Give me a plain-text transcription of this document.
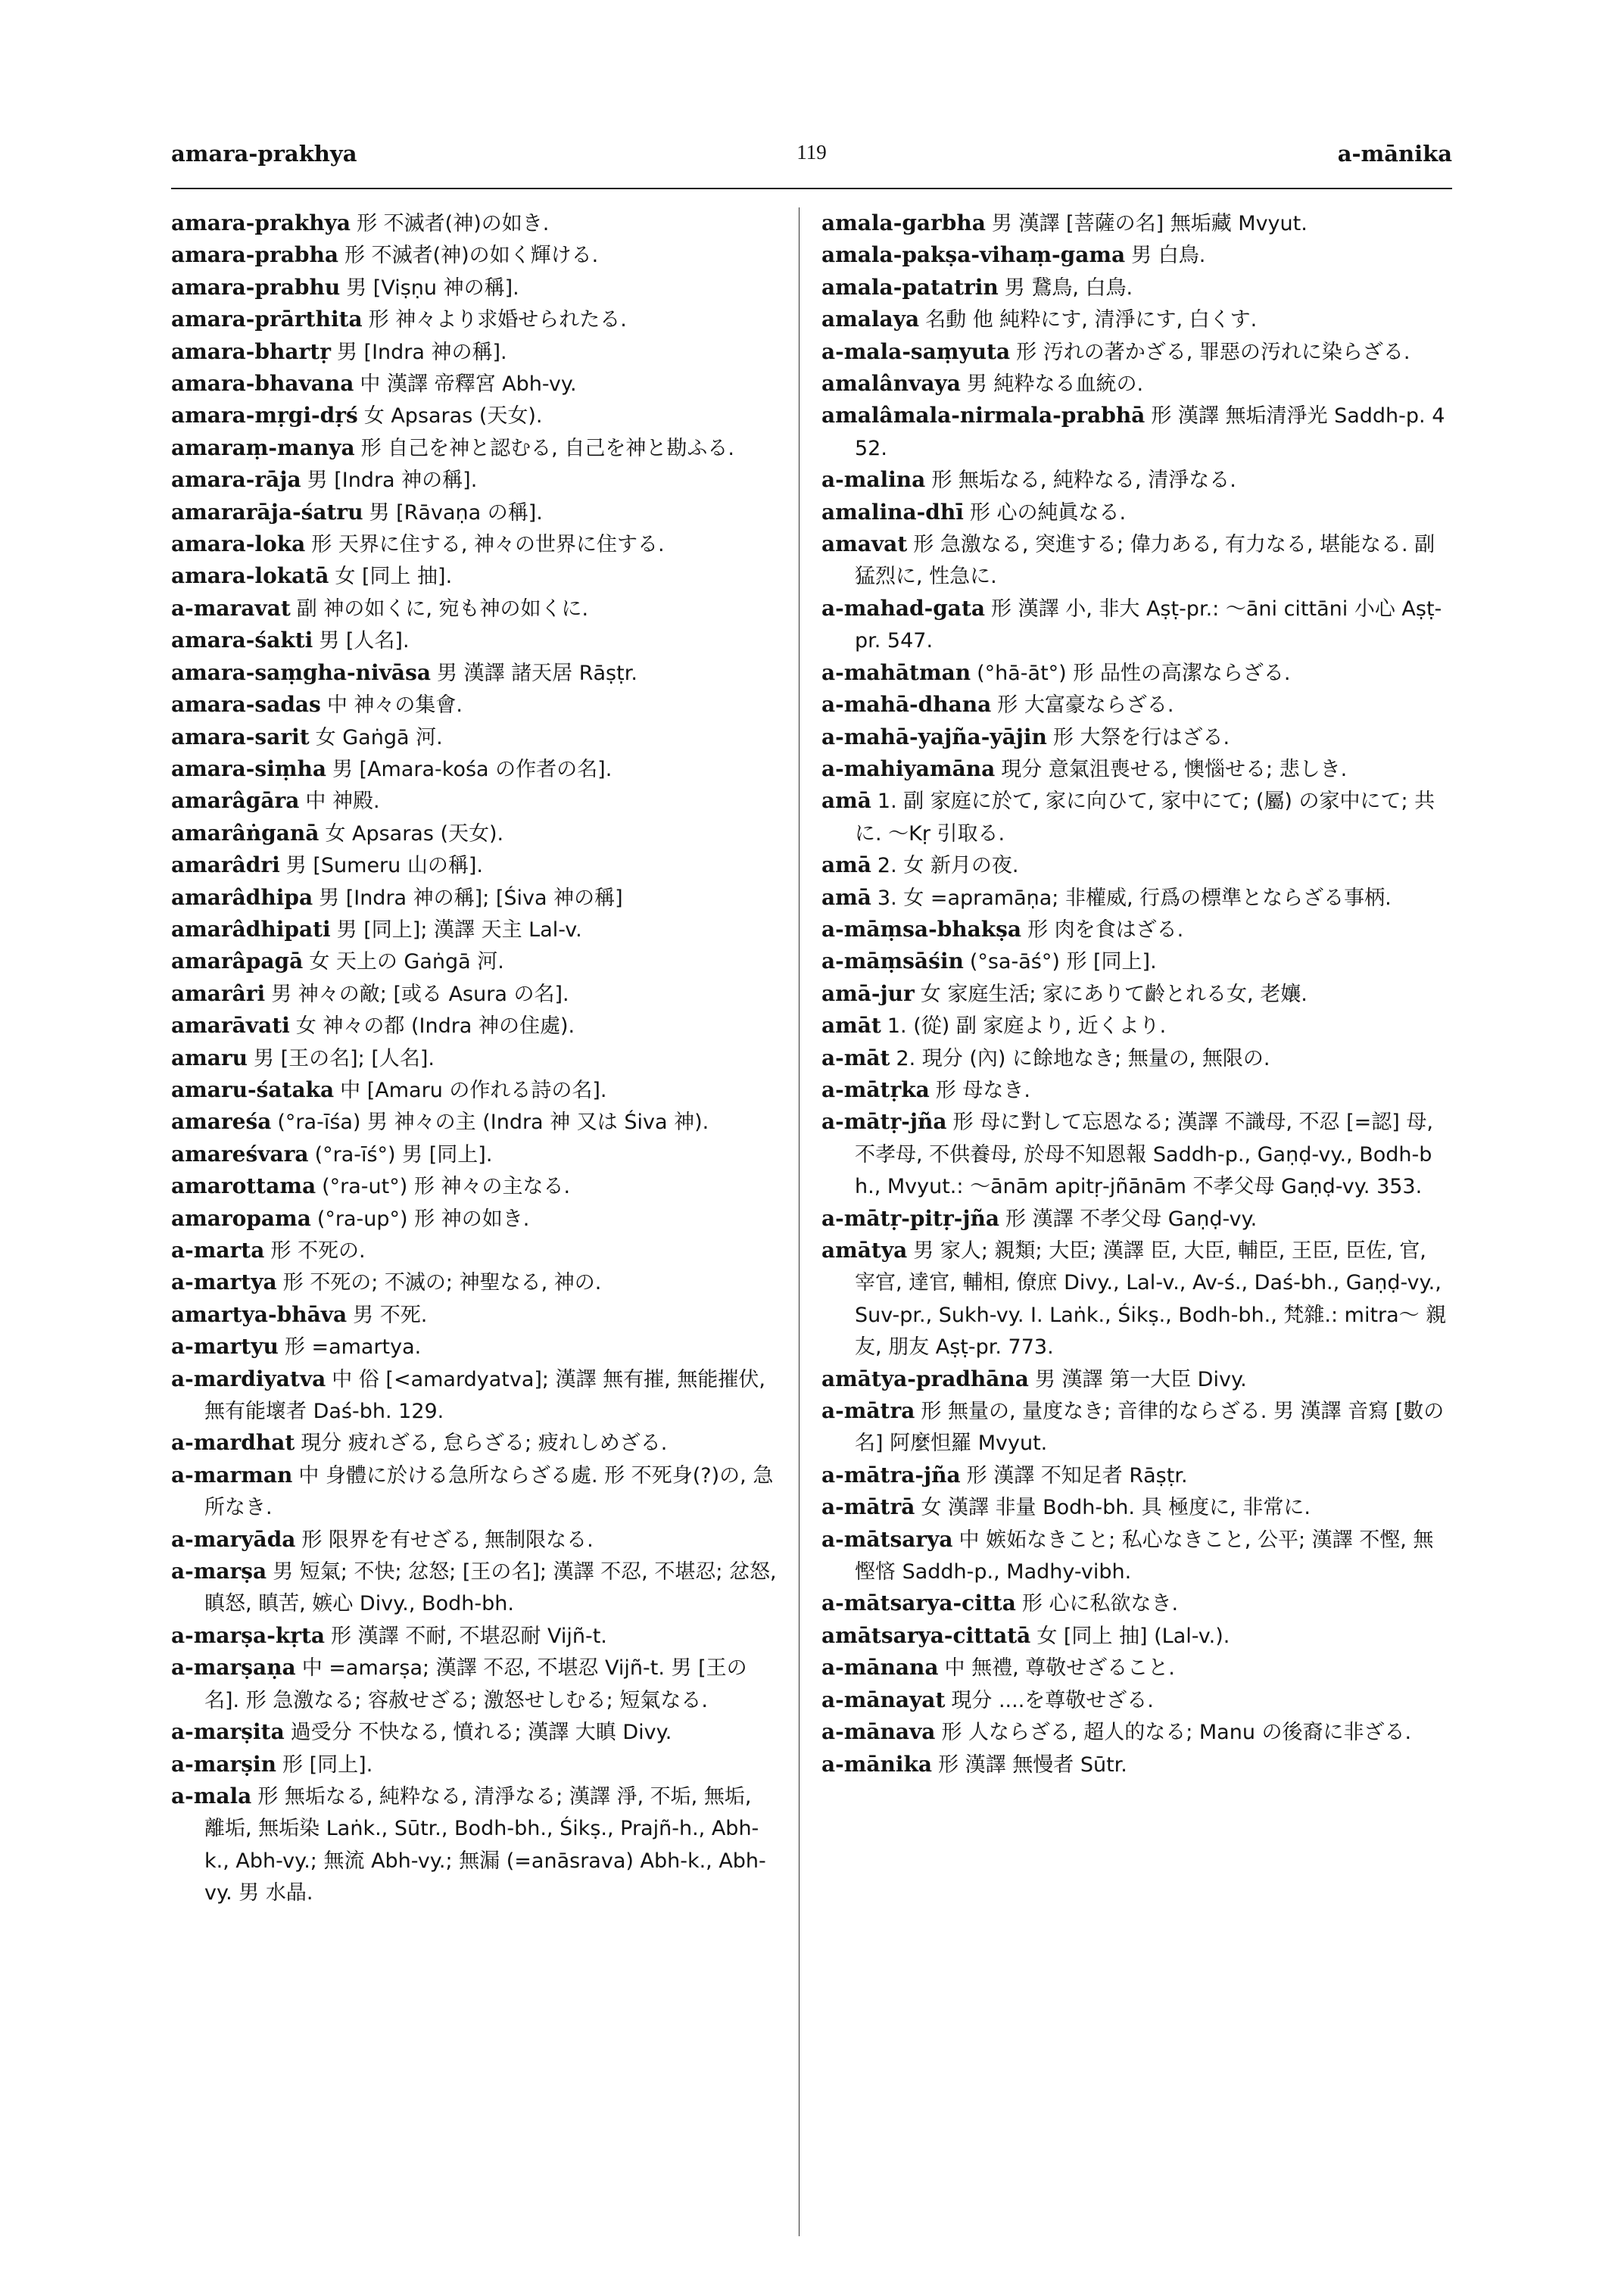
amara-prakhya	119	a-mānika

amara-prakhya 形 不滅者(神)の如き.

amara-prabha 形 不滅者(神)の如く輝ける.

amara-prabhu 男 [Viṣṇu 神の稱].

amara-prārthita 形 神々より求婚せられたる.

amara-bhartṛ 男 [Indra 神の稱].

amara-bhavana 中 漢譯 帝釋宮 Abh-vy.

amara-mṛgi-dṛś 女 Apsaras (天女).

amaraṃ-manya 形 自己を神と認むる, 自己を神と勘ふる.

amara-rāja 男 [Indra 神の稱].

amararāja-śatru 男 [Rāvaṇa の稱].

amara-loka 形 天界に住する, 神々の世界に住する.

amara-lokatā 女 [同上 抽].

a-maravat 副 神の如くに, 宛も神の如くに.

amara-śakti 男 [人名].

amara-saṃgha-nivāsa 男 漢譯 諸天居 Rāṣṭr.

amara-sadas 中 神々の集會.

amara-sarit 女 Gaṅgā 河.

amara-siṃha 男 [Amara-kośa の作者の名].

amarâgāra 中 神殿.

amarâṅganā 女 Apsaras (天女).

amarâdri 男 [Sumeru 山の稱].

amarâdhipa 男 [Indra 神の稱]; [Śiva 神の稱]

amarâdhipati 男 [同上]; 漢譯 天主 Lal-v.

amarâpagā 女 天上の Gaṅgā 河.

amarâri 男 神々の敵; [或る Asura の名].

amarāvati 女 神々の都 (Indra 神の住處).

amaru 男 [王の名]; [人名].

amaru-śataka 中 [Amaru の作れる詩の名].

amareśa (°ra-īśa) 男 神々の主 (Indra 神 又は Śiva 神).

amareśvara (°ra-īś°) 男 [同上].

amarottama (°ra-ut°) 形 神々の主なる.

amaropama (°ra-up°) 形 神の如き.

a-marta 形 不死の.

a-martya 形 不死の; 不滅の; 神聖なる, 神の.

amartya-bhāva 男 不死.

a-martyu 形 =amartya.

a-mardiyatva 中 俗 [<amardyatva]; 漢譯 無有摧, 無能摧伏, 無有能壞者 Daś-bh. 129.

a-mardhat 現分 疲れざる, 怠らざる; 疲れしめざる.

a-marman 中 身體に於ける急所ならざる處. 形 不死身(?)の, 急所なき.

a-maryāda 形 限界を有せざる, 無制限なる.

a-marṣa 男 短氣; 不快; 忿怒; [王の名]; 漢譯 不忍, 不堪忍; 忿怒, 瞋怒, 瞋苦, 嫉心 Divy., Bodh-bh.

a-marṣa-kṛta 形 漢譯 不耐, 不堪忍耐 Vijñ-t.

a-marṣaṇa 中 =amarṣa; 漢譯 不忍, 不堪忍 Vijñ-t. 男 [王の名]. 形 急激なる; 容赦せざる; 激怒せしむる; 短氣なる.

a-marṣita 過受分 不快なる, 憤れる; 漢譯 大瞋 Divy.

a-marṣin 形 [同上].

a-mala 形 無垢なる, 純粋なる, 清淨なる; 漢譯 淨, 不垢, 無垢, 離垢, 無垢染 Laṅk., Sūtr., Bodh-bh., Śikṣ., Prajñ-h., Abh-k., Abh-vy.; 無流 Abh-vy.; 無漏 (=anāsrava) Abh-k., Abh-vy. 男 水晶.

amala-garbha 男 漢譯 [菩薩の名] 無垢藏 Mvyut.

amala-pakṣa-vihaṃ-gama 男 白鳥.

amala-patatrin 男 鵞鳥, 白鳥.

amalaya 名動 他 純粋にす, 清淨にす, 白くす.

a-mala-saṃyuta 形 汚れの著かざる, 罪惡の汚れに染らざる.

amalânvaya 男 純粋なる血統の.

amalâmala-nirmala-prabhā 形 漢譯 無垢清淨光 Saddh-p. 452.

a-malina 形 無垢なる, 純粋なる, 清淨なる.

amalina-dhī 形 心の純眞なる.

amavat 形 急激なる, 突進する; 偉力ある, 有力なる, 堪能なる. 副 猛烈に, 性急に.

a-mahad-gata 形 漢譯 小, 非大 Aṣṭ-pr.: 〜āni cittāni 小心 Aṣṭ-pr. 547.

a-mahātman (°hā-āt°) 形 品性の高潔ならざる.

a-mahā-dhana 形 大富豪ならざる.

a-mahā-yajña-yājin 形 大祭を行はざる.

a-mahiyamāna 現分 意氣沮喪せる, 懊惱せる; 悲しき.

amā 1. 副 家庭に於て, 家に向ひて, 家中にて; (屬) の家中にて; 共に. 〜Kṛ 引取る.

amā 2. 女 新月の夜.

amā 3. 女 =apramāṇa; 非權威, 行爲の標準とならざる事柄.

a-māṃsa-bhakṣa 形 肉を食はざる.

a-māṃsāśin (°sa-āś°) 形 [同上].

amā-jur 女 家庭生活; 家にありて齡とれる女, 老孃.

amāt 1. (從) 副 家庭より, 近くより.

a-māt 2. 現分 (內) に餘地なき; 無量の, 無限の.

a-mātṛka 形 母なき.

a-mātṛ-jña 形 母に對して忘恩なる; 漢譯 不識母, 不忍 [=認] 母, 不孝母, 不供養母, 於母不知恩報 Saddh-p., Gaṇḍ-vy., Bodh-bh., Mvyut.: 〜ānām apitṛ-jñānām 不孝父母 Gaṇḍ-vy. 353.

a-mātṛ-pitṛ-jña 形 漢譯 不孝父母 Gaṇḍ-vy.

amātya 男 家人; 親類; 大臣; 漢譯 臣, 大臣, 輔臣, 王臣, 臣佐, 官, 宰官, 達官, 輔相, 僚庶 Divy., Lal-v., Av-ś., Daś-bh., Gaṇḍ-vy., Suv-pr., Sukh-vy. I. Laṅk., Śikṣ., Bodh-bh., 梵雜.: mitra〜 親友, 朋友 Aṣṭ-pr. 773.

amātya-pradhāna 男 漢譯 第一大臣 Divy.

a-mātra 形 無量の, 量度なき; 音律的ならざる. 男 漢譯 音寫 [數の名] 阿麼怛羅 Mvyut.

a-mātra-jña 形 漢譯 不知足者 Rāṣṭr.

a-mātrā 女 漢譯 非量 Bodh-bh. 具 極度に, 非常に.

a-mātsarya 中 嫉妬なきこと; 私心なきこと, 公平; 漢譯 不慳, 無慳悋 Saddh-p., Madhy-vibh.

a-mātsarya-citta 形 心に私欲なき.

amātsarya-cittatā 女 [同上 抽] (Lal-v.).

a-mānana 中 無禮, 尊敬せざること.

a-mānayat 現分 ....を尊敬せざる.

a-mānava 形 人ならざる, 超人的なる; Manu の後裔に非ざる.

a-mānika 形 漢譯 無慢者 Sūtr.
